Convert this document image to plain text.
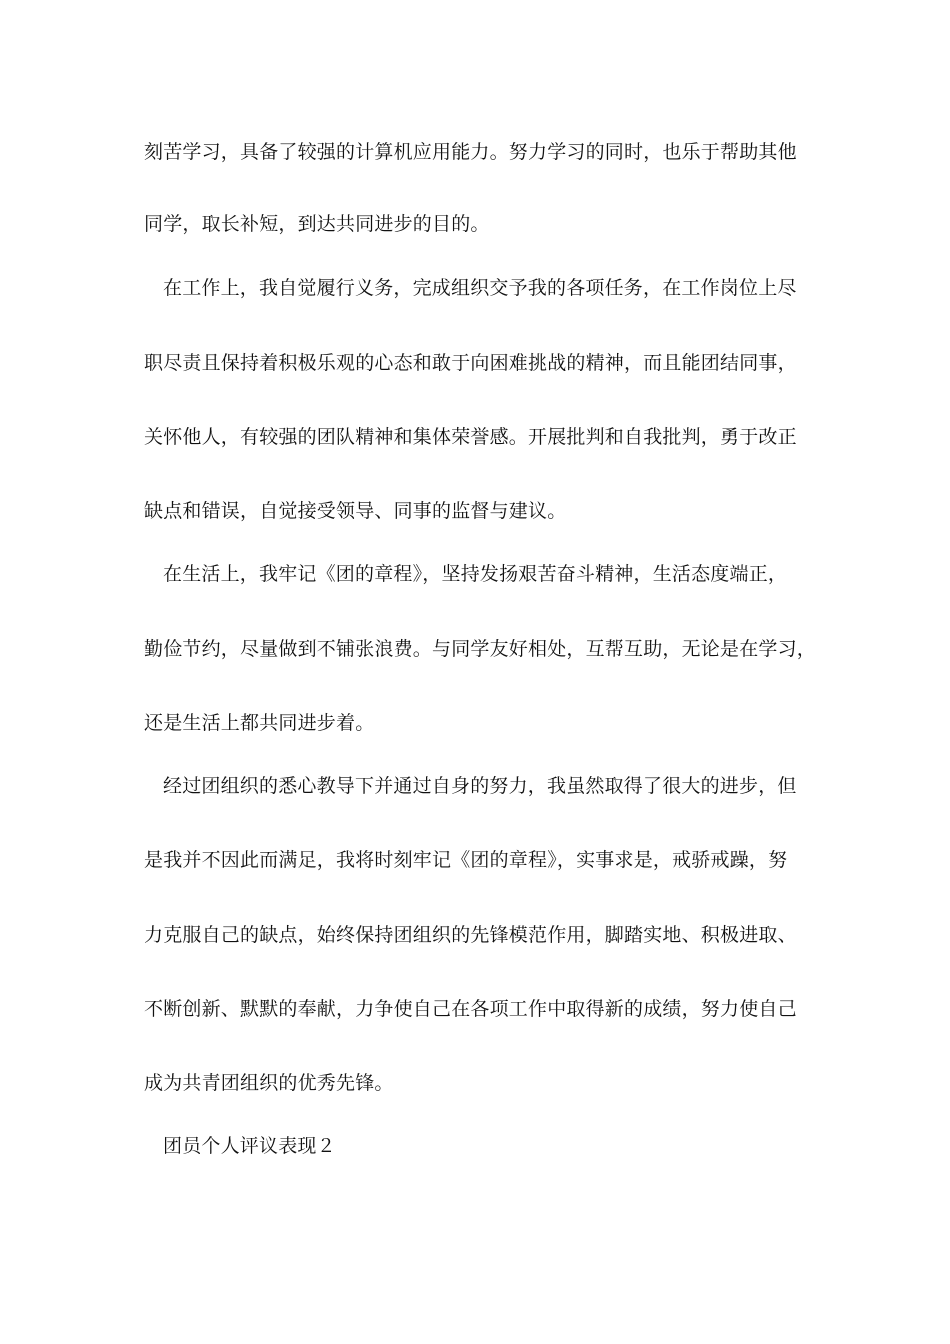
刻苦学习，具备了较强的计算机应用能力。努力学习的同时，也乐于帮助其他
同学，取长补短，到达共同进步的目的。
在工作上，我自觉履行义务，完成组织交予我的各项任务，在工作岗位上尽
职尽责且保持着积极乐观的心态和敢于向困难挑战的精神，而且能团结同事，
关怀他人，有较强的团队精神和集体荣誉感。开展批判和自我批判，勇于改正
缺点和错误，自觉接受领导、同事的监督与建议。
在生活上，我牢记《团的章程》，坚持发扬艰苦奋斗精神，生活态度端正，
勤俭节约，尽量做到不铺张浪费。与同学友好相处，互帮互助，无论是在学习，
还是生活上都共同进步着。
经过团组织的悉心教导下并通过自身的努力，我虽然取得了很大的进步，但
是我并不因此而满足，我将时刻牢记《团的章程》，实事求是，戒骄戒躁，努
力克服自己的缺点，始终保持团组织的先锋模范作用，脚踏实地、积极进取、
不断创新、默默的奉献，力争使自己在各项工作中取得新的成绩，努力使自己
成为共青团组织的优秀先锋。
团员个人评议表现２
